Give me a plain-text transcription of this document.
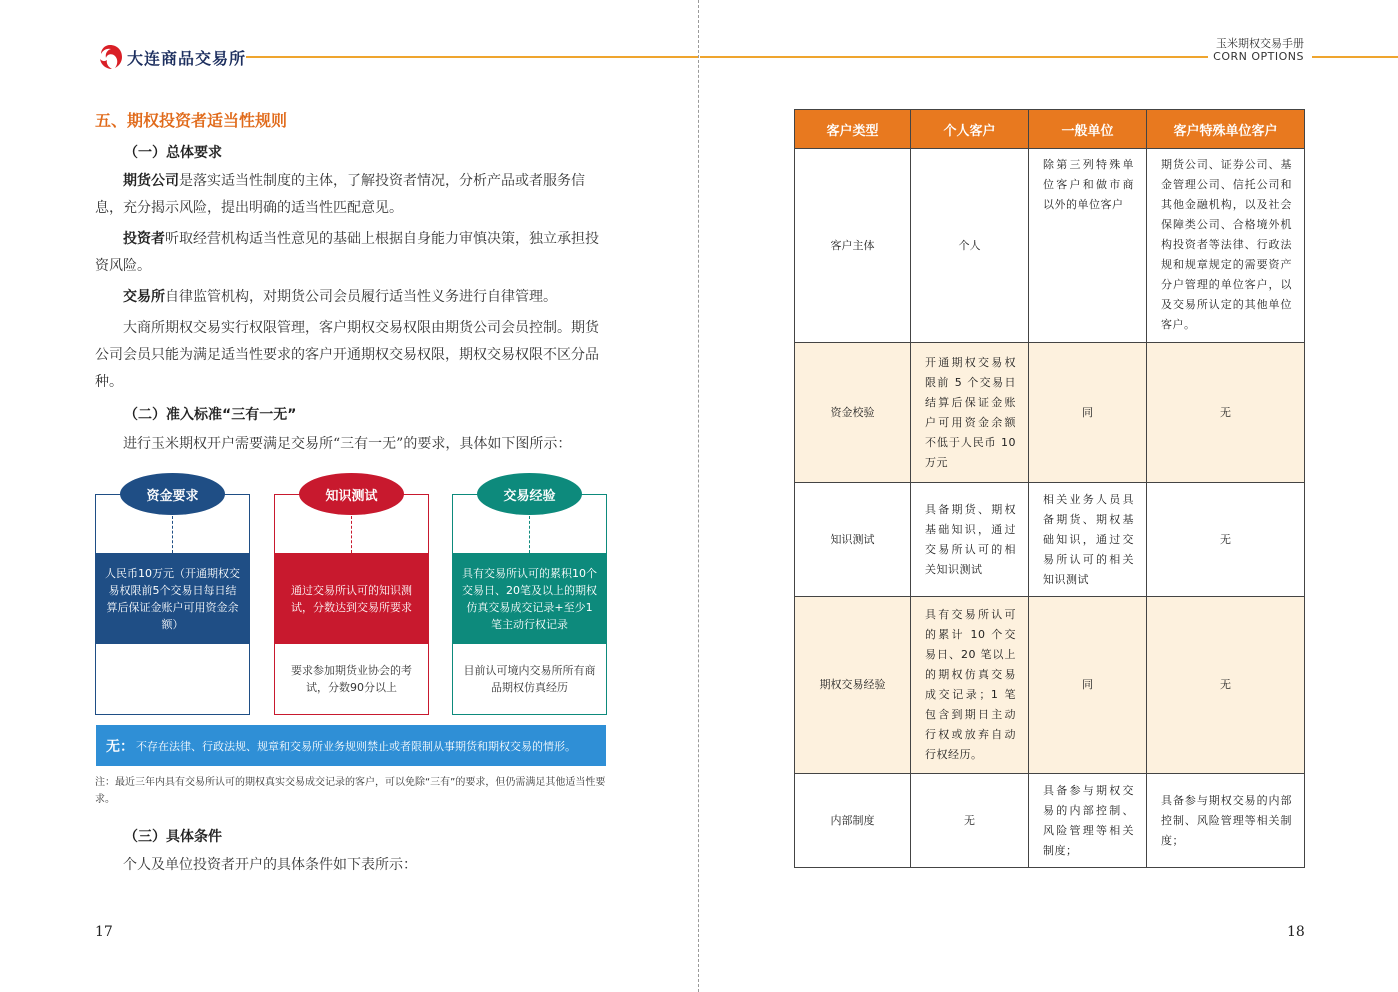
大连商品交易所
玉米期权交易手册
CORN OPTIONS
五、期权投资者适当性规则
（一）总体要求
期货公司是落实适当性制度的主体，了解投资者情况，分析产品或者服务信息，充分揭示风险，提出明确的适当性匹配意见。
投资者听取经营机构适当性意见的基础上根据自身能力审慎决策，独立承担投资风险。
交易所自律监管机构，对期货公司会员履行适当性义务进行自律管理。
大商所期权交易实行权限管理，客户期权交易权限由期货公司会员控制。期货公司会员只能为满足适当性要求的客户开通期权交易权限，期权交易权限不区分品种。
（二）准入标准“三有一无”
进行玉米期权开户需要满足交易所“三有一无”的要求，具体如下图所示：
人民币10万元（开通期权交易权限前5个交易日每日结算后保证金账户可用资金余额）
资金要求
通过交易所认可的知识测试，分数达到交易所要求
要求参加期货业协会的考试，分数90分以上
知识测试
具有交易所认可的累积10个交易日、20笔及以上的期权仿真交易成交记录+至少1笔主动行权记录
目前认可境内交易所所有商品期权仿真经历
交易经验
无： 不存在法律、行政法规、规章和交易所业务规则禁止或者限制从事期货和期权交易的情形。
注：最近三年内具有交易所认可的期权真实交易成交记录的客户，可以免除“三有”的要求，但仍需满足其他适当性要求。
（三）具体条件
个人及单位投资者开户的具体条件如下表所示：
17
客户类型	个人客户	一般单位	客户特殊单位客户
客户主体	个人	除第三列特殊单位客户和做市商以外的单位客户	期货公司、证券公司、基金管理公司、信托公司和其他金融机构，以及社会保障类公司、合格境外机构投资者等法律、行政法规和规章规定的需要资产分户管理的单位客户，以及交易所认定的其他单位客户。
资金校验	开通期权交易权限前 5 个交易日结算后保证金账户可用资金余额不低于人民币 10 万元	同	无
知识测试	具备期货、期权基础知识，通过交易所认可的相关知识测试	相关业务人员具备期货、期权基础知识，通过交易所认可的相关知识测试	无
期权交易经验	具有交易所认可的累计 10 个交易日、20 笔以上的期权仿真交易成交记录；1 笔包含到期日主动行权或放弃自动行权经历。	同	无
内部制度	无	具备参与期权交易的内部控制、风险管理等相关制度；	具备参与期权交易的内部控制、风险管理等相关制度；
18
